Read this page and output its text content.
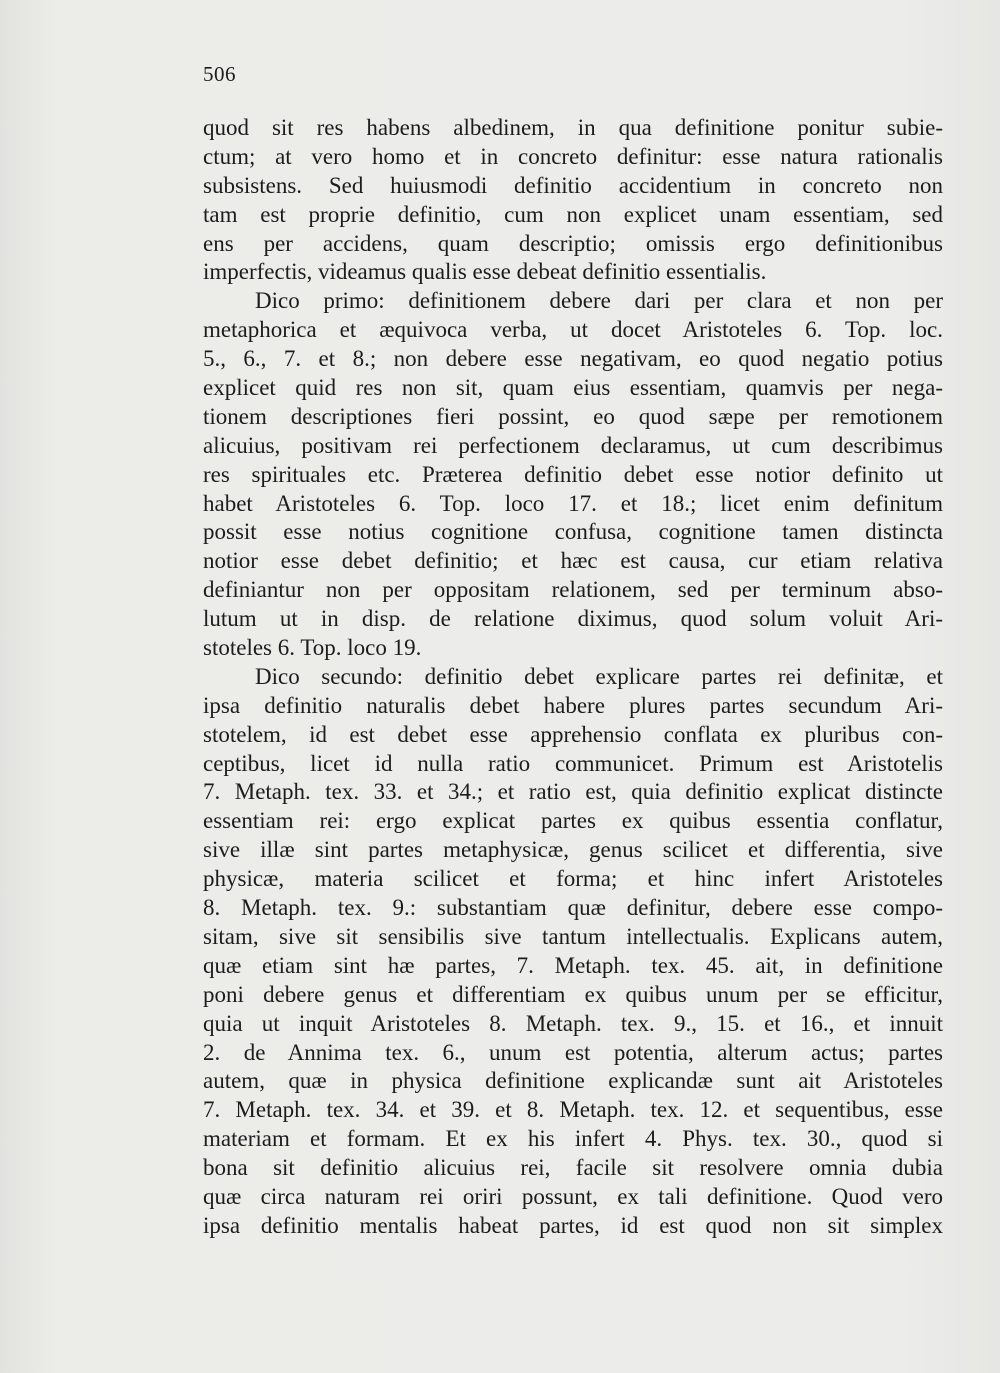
506
quod sit res habens albedinem, in qua definitione ponitur subie-
ctum; at vero homo et in concreto definitur: esse natura rationalis
subsistens. Sed huiusmodi definitio accidentium in concreto non
tam est proprie definitio, cum non explicet unam essentiam, sed
ens per accidens, quam descriptio; omissis ergo definitionibus
imperfectis, videamus qualis esse debeat definitio essentialis.
Dico primo: definitionem debere dari per clara et non per
metaphorica et æquivoca verba, ut docet Aristoteles 6. Top. loc.
5., 6., 7. et 8.; non debere esse negativam, eo quod negatio potius
explicet quid res non sit, quam eius essentiam, quamvis per nega-
tionem descriptiones fieri possint, eo quod sæpe per remotionem
alicuius, positivam rei perfectionem declaramus, ut cum describimus
res spirituales etc. Præterea definitio debet esse notior definito ut
habet Aristoteles 6. Top. loco 17. et 18.; licet enim definitum
possit esse notius cognitione confusa, cognitione tamen distincta
notior esse debet definitio; et hæc est causa, cur etiam relativa
definiantur non per oppositam relationem, sed per terminum abso-
lutum ut in disp. de relatione diximus, quod solum voluit Ari-
stoteles 6. Top. loco 19.
Dico secundo: definitio debet explicare partes rei definitæ, et
ipsa definitio naturalis debet habere plures partes secundum Ari-
stotelem, id est debet esse apprehensio conflata ex pluribus con-
ceptibus, licet id nulla ratio communicet. Primum est Aristotelis
7. Metaph. tex. 33. et 34.; et ratio est, quia definitio explicat distincte
essentiam rei: ergo explicat partes ex quibus essentia conflatur,
sive illæ sint partes metaphysicæ, genus scilicet et differentia, sive
physicæ, materia scilicet et forma; et hinc infert Aristoteles
8. Metaph. tex. 9.: substantiam quæ definitur, debere esse compo-
sitam, sive sit sensibilis sive tantum intellectualis. Explicans autem,
quæ etiam sint hæ partes, 7. Metaph. tex. 45. ait, in definitione
poni debere genus et differentiam ex quibus unum per se efficitur,
quia ut inquit Aristoteles 8. Metaph. tex. 9., 15. et 16., et innuit
2. de Annima tex. 6., unum est potentia, alterum actus; partes
autem, quæ in physica definitione explicandæ sunt ait Aristoteles
7. Metaph. tex. 34. et 39. et 8. Metaph. tex. 12. et sequentibus, esse
materiam et formam. Et ex his infert 4. Phys. tex. 30., quod si
bona sit definitio alicuius rei, facile sit resolvere omnia dubia
quæ circa naturam rei oriri possunt, ex tali definitione. Quod vero
ipsa definitio mentalis habeat partes, id est quod non sit simplex
